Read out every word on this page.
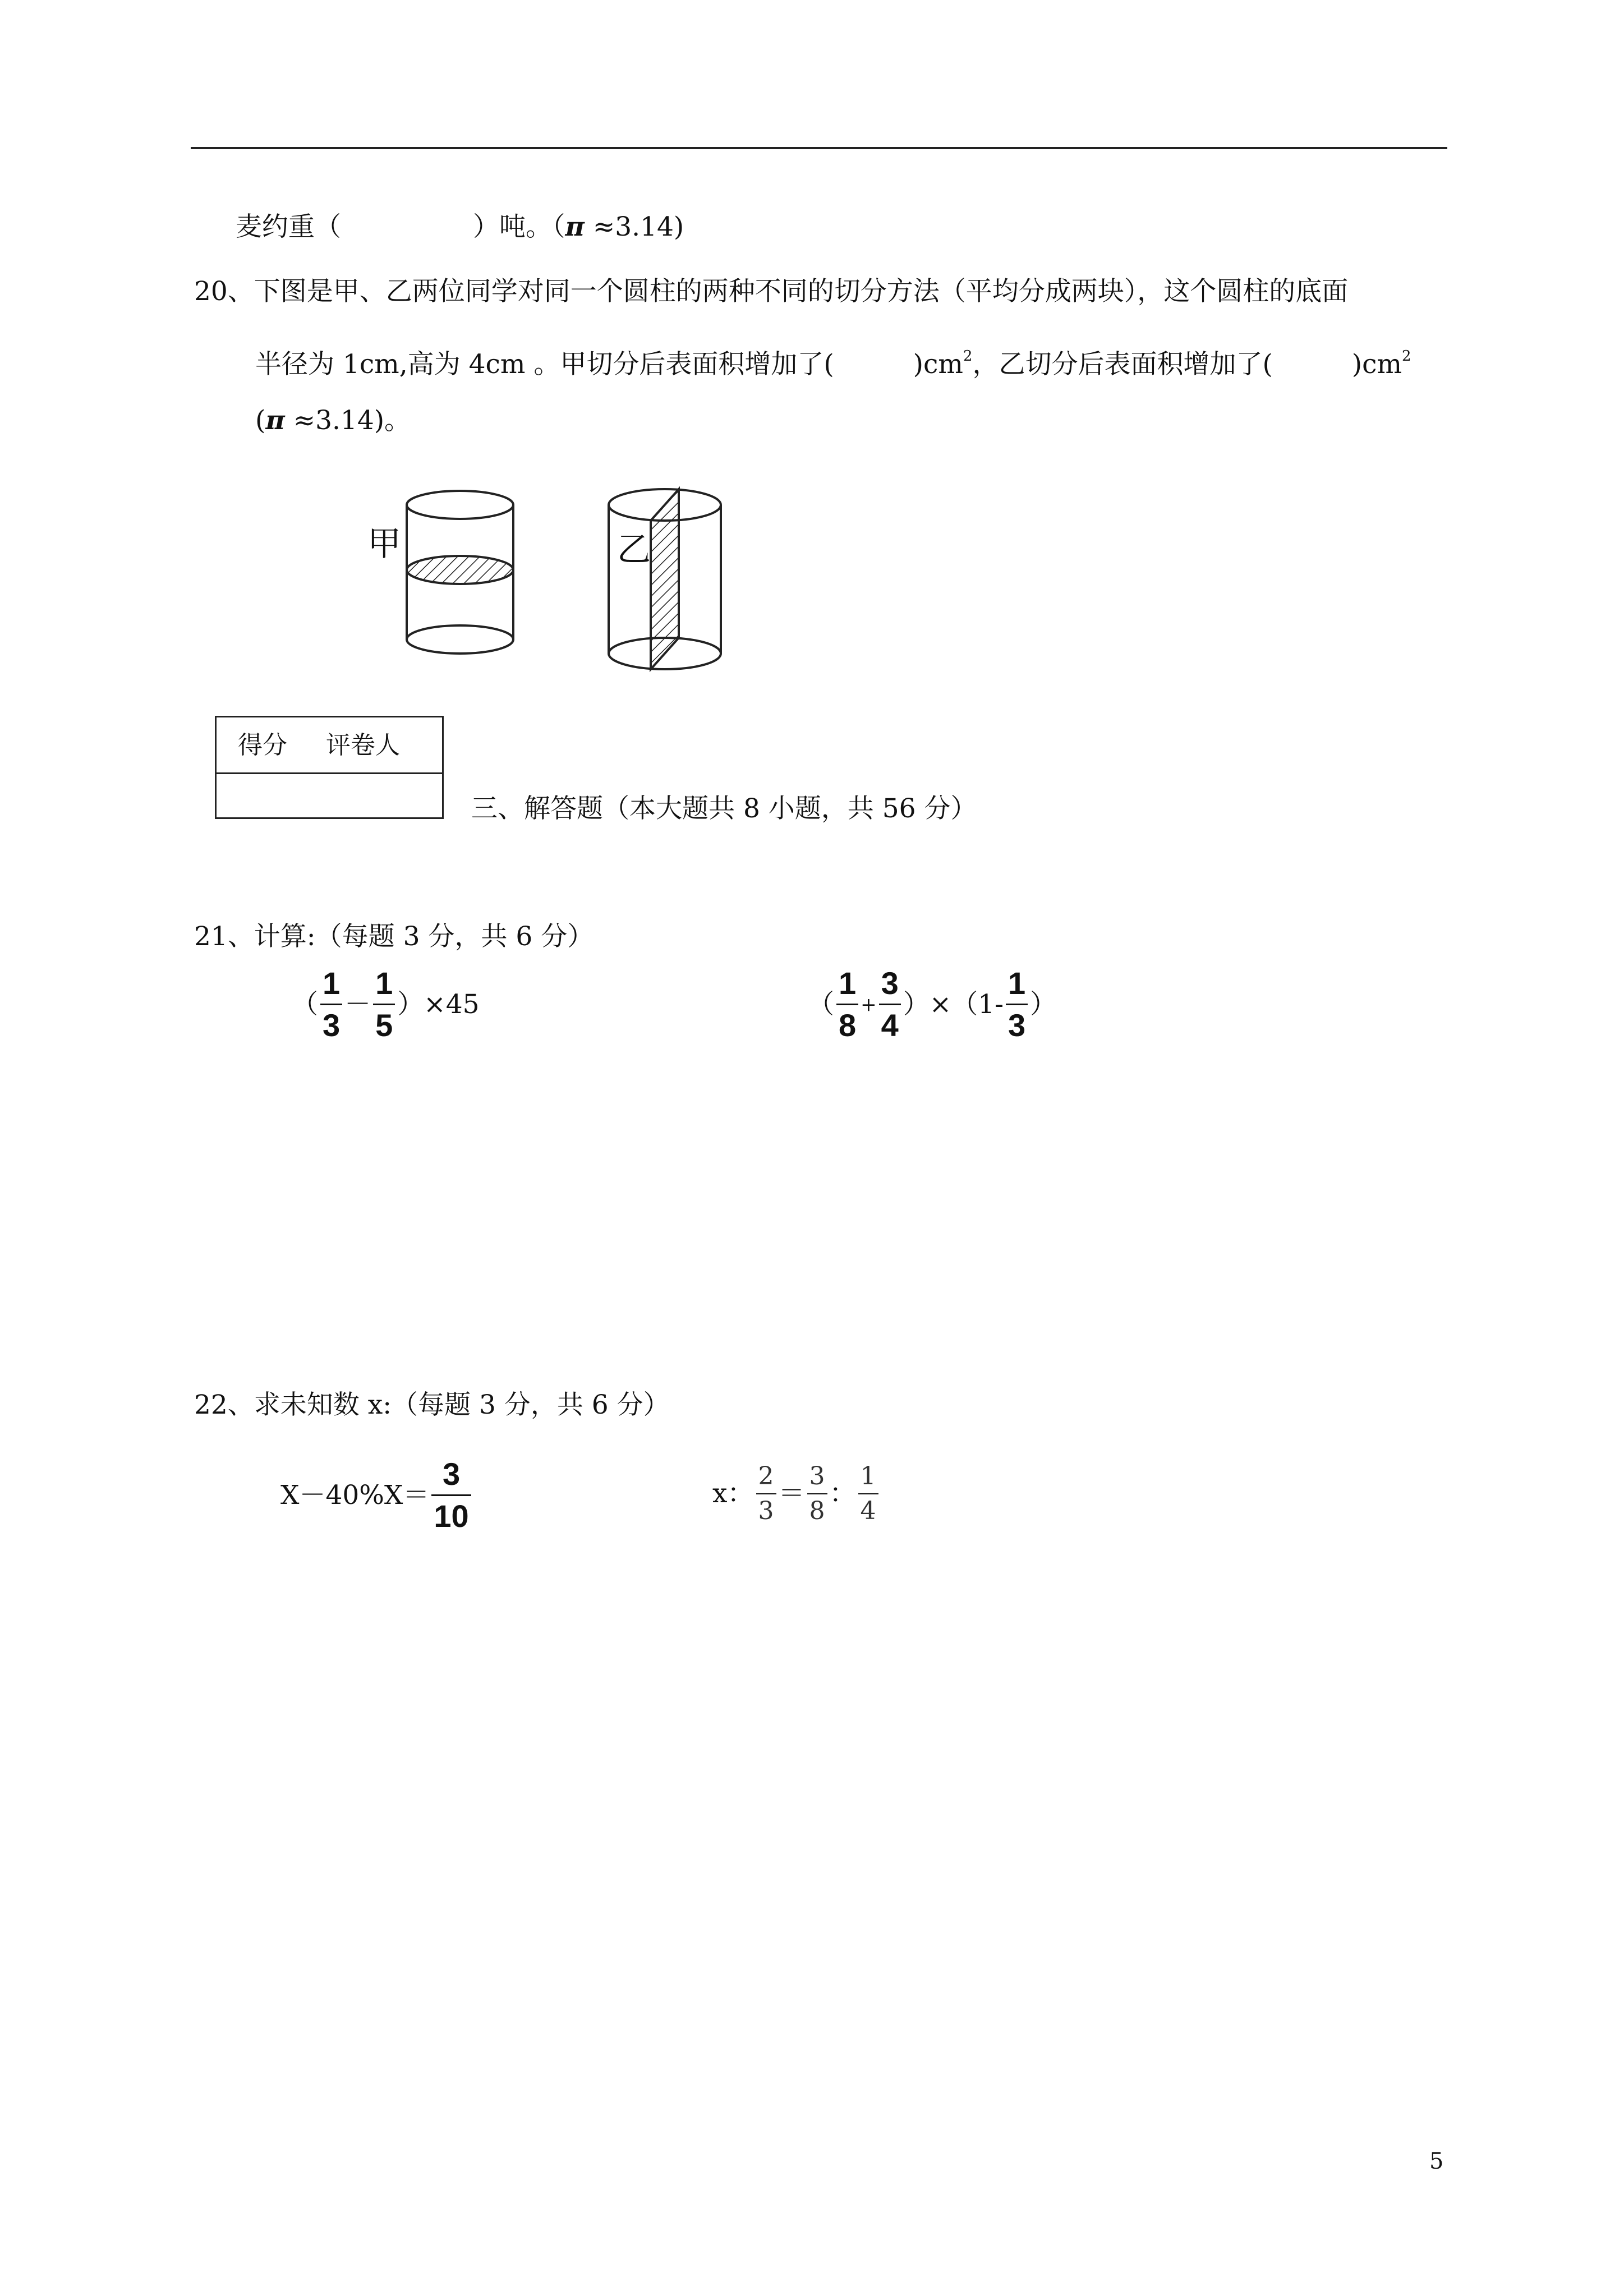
麦约重（　　　　　）吨。（π ≈3.14)
20、下图是甲、乙两位同学对同一个圆柱的两种不同的切分方法（平均分成两块），这个圆柱的底面
半径为 1cm,高为 4cm 。甲切分后表面积增加了(　　　)$cm^2$，乙切分后表面积增加了(　　　)$cm^2$
(π ≈3.14)。
甲	乙
得分 评卷人
三、解答题（本大题共 8 小题，共 56 分）
21、计算:（每题 3 分，共 6 分）
（ $\frac{1}{3} - \frac{1}{5} )\times 45$	（ $\frac{1}{8} + \frac{3}{4} )\times(1- \frac{1}{3}$ ）
22、求未知数 x:（每题 3 分，共 6 分）
$X-40\%X= \frac{3}{10}$	x： $\frac{2}{3} = \frac{3}{8}$ ： $\frac{1}{4}$
5
